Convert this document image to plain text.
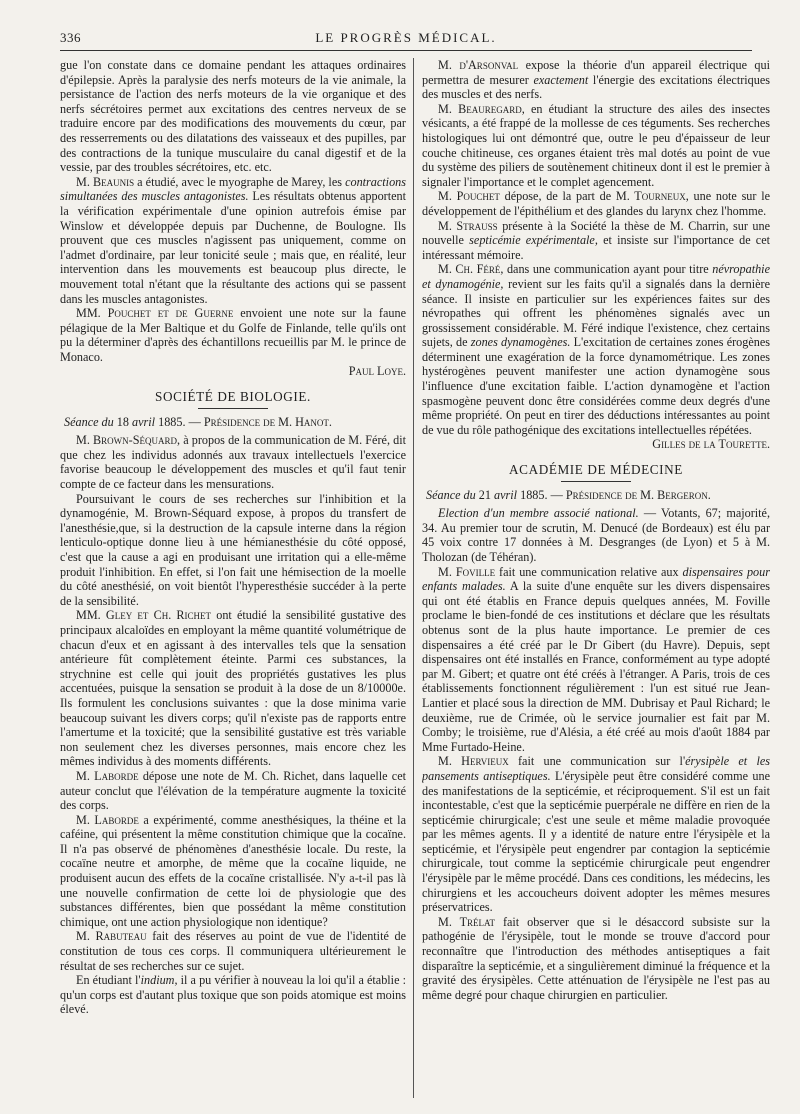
336	LE PROGRÈS MÉDICAL.

gue l'on constate dans ce domaine pendant les attaques ordinaires d'épilepsie. Après la paralysie des nerfs moteurs de la vie animale, la persistance de l'action des nerfs moteurs de la vie organique et des nerfs sécrétoires permet aux excitations des centres nerveux de se traduire encore par des modifications des mouvements du cœur, par des resserrements ou des dilatations des vaisseaux et des pupilles, par des contractions de la tunique musculaire du canal digestif et de la vessie, par des troubles sécrétoires, etc. etc.

M. Beaunis a étudié, avec le myographe de Marey, les contractions simultanées des muscles antagonistes. Les résultats obtenus apportent la vérification expérimentale d'une opinion autrefois émise par Winslow et développée depuis par Duchenne, de Boulogne. Ils prouvent que ces muscles n'agissent pas uniquement, comme on l'admet d'ordinaire, par leur tonicité seule ; mais que, en réalité, leur intervention dans les mouvements est beaucoup plus directe, le mouvement total n'étant que la résultante des actions qui se passent dans les muscles antagonistes.

MM. Pouchet et de Guerne envoient une note sur la faune pélagique de la Mer Baltique et du Golfe de Finlande, telle qu'ils ont pu la déterminer d'après des échantillons recueillis par M. le prince de Monaco.

Paul Loye.

SOCIÉTÉ DE BIOLOGIE.

Séance du 18 avril 1885. — Présidence de M. Hanot.

M. Brown-Séquard, à propos de la communication de M. Féré, dit que chez les individus adonnés aux travaux intellectuels l'exercice favorise beaucoup le développement des muscles et qu'il faut tenir compte de ce facteur dans les mensurations.

Poursuivant le cours de ses recherches sur l'inhibition et la dynamogénie, M. Brown-Séquard expose, à propos du transfert de l'anesthésie,que, si la destruction de la capsule interne dans la région lenticulo-optique donne lieu à une hémianesthésie du côté opposé, c'est que la cause a agi en produisant une irritation qui a elle-même produit l'inhibition. En effet, si l'on fait une hémisection de la moelle du côté anesthésié, on voit bientôt l'hyperesthésie succéder à la perte de la sensibilité.

MM. Gley et Ch. Richet ont étudié la sensibilité gustative des principaux alcaloïdes en employant la même quantité volumétrique de chacun d'eux et en agissant à des intervalles tels que la sensation antérieure fût complètement éteinte. Parmi ces substances, la strychnine est celle qui jouit des propriétés gustatives les plus accentuées, puisque la sensation se produit à la dose de un 8/10000e. Ils formulent les conclusions suivantes : que la dose minima varie beaucoup suivant les divers corps; qu'il n'existe pas de rapports entre l'amertume et la toxicité; que la sensibilité gustative est très variable non seulement chez les diverses personnes, mais encore chez les mêmes individus à des moments différents.

M. Laborde dépose une note de M. Ch. Richet, dans laquelle cet auteur conclut que l'élévation de la température augmente la toxicité des corps.

M. Laborde a expérimenté, comme anesthésiques, la théine et la caféine, qui présentent la même constitution chimique que la cocaïne. Il n'a pas observé de phénomènes d'anesthésie locale. Du reste, la cocaïne neutre et amorphe, de même que la cocaïne liquide, ne produisent aucun des effets de la cocaïne cristallisée. N'y a-t-il pas là une nouvelle confirmation de cette loi de physiologie que des substances différentes, bien que possédant la même constitution chimique, ont une action physiologique non identique?

M. Rabuteau fait des réserves au point de vue de l'identité de constitution de tous ces corps. Il communiquera ultérieurement le résultat de ses recherches sur ce sujet.

En étudiant l'indium, il a pu vérifier à nouveau la loi qu'il a établie : qu'un corps est d'autant plus toxique que son poids atomique est moins élevé.

M. d'Arsonval expose la théorie d'un appareil électrique qui permettra de mesurer exactement l'énergie des excitations électriques des muscles et des nerfs.

M. Beauregard, en étudiant la structure des ailes des insectes vésicants, a été frappé de la mollesse de ces téguments. Ses recherches histologiques lui ont démontré que, outre le peu d'épaisseur de leur couche chitineuse, ces organes étaient très mal dotés au point de vue du système des piliers de soutènement chitineux dont il est le premier à signaler l'importance et le complet agencement.

M. Pouchet dépose, de la part de M. Tourneux, une note sur le développement de l'épithélium et des glandes du larynx chez l'homme.

M. Strauss présente à la Société la thèse de M. Charrin, sur une nouvelle septicémie expérimentale, et insiste sur l'importance de cet intéressant mémoire.

M. Ch. Féré, dans une communication ayant pour titre névropathie et dynamogénie, revient sur les faits qu'il a signalés dans la dernière séance. Il insiste en particulier sur les expériences faites sur des névropathes qui offrent les phénomènes signalés avec un grossissement considérable. M. Féré indique l'existence, chez certains sujets, de zones dynamogènes. L'excitation de certaines zones érogènes déterminent une exagération de la force dynamométrique. Les zones hystérogènes peuvent manifester une action dynamogène sous l'influence d'une excitation faible. L'action dynamogène et l'action spasmogène peuvent donc être considérées comme deux degrés d'une même propriété. On peut en tirer des déductions intéressantes au point de vue du rôle pathogénique des excitations intellectuelles répétées.

Gilles de la Tourette.

ACADÉMIE DE MÉDECINE

Séance du 21 avril 1885. — Présidence de M. Bergeron.

Election d'un membre associé national. — Votants, 67; majorité, 34. Au premier tour de scrutin, M. Denucé (de Bordeaux) est élu par 45 voix contre 17 données à M. Desgranges (de Lyon) et 5 à M. Tholozan (de Téhéran).

M. Foville fait une communication relative aux dispensaires pour enfants malades. A la suite d'une enquête sur les divers dispensaires qui ont été établis en France depuis quelques années, M. Foville proclame le bien-fondé de ces institutions et déclare que les résultats obtenus sont de la plus haute importance. Le premier de ces dispensaires a été créé par le Dr Gibert (du Havre). Depuis, sept dispensaires ont été installés en France, conformément au type adopté par M. Gibert; et quatre ont été créés à l'étranger. A Paris, trois de ces établissements fonctionnent régulièrement : l'un est situé rue Jean-Lantier et placé sous la direction de MM. Dubrisay et Paul Richard; le deuxième, rue de Crimée, où le service journalier est fait par M. Comby; le troisième, rue d'Alésia, a été créé au mois d'août 1884 par Mme Furtado-Heine.

M. Hervieux fait une communication sur l'érysipèle et les pansements antiseptiques. L'érysipèle peut être considéré comme une des manifestations de la septicémie, et réciproquement. S'il est un fait incontestable, c'est que la septicémie puerpérale ne diffère en rien de la septicémie chirurgicale; c'est une seule et même maladie provoquée par les mêmes agents. Il y a identité de nature entre l'érysipèle et la septicémie, et l'érysipèle peut engendrer par contagion la septicémie chirurgicale, tout comme la septicémie chirurgicale peut engendrer l'érysipèle par le même procédé. Dans ces conditions, les médecins, les chirurgiens et les accoucheurs doivent adopter les mêmes mesures préservatrices.

M. Trélat fait observer que si le désaccord subsiste sur la pathogénie de l'érysipèle, tout le monde se trouve d'accord pour reconnaître que l'introduction des méthodes antiseptiques a fait disparaître la septicémie, et a singulièrement diminué la fréquence et la gravité des érysipèles. Cette atténuation de l'érysipèle ne l'est pas au même degré pour chaque chirurgien en particulier.
